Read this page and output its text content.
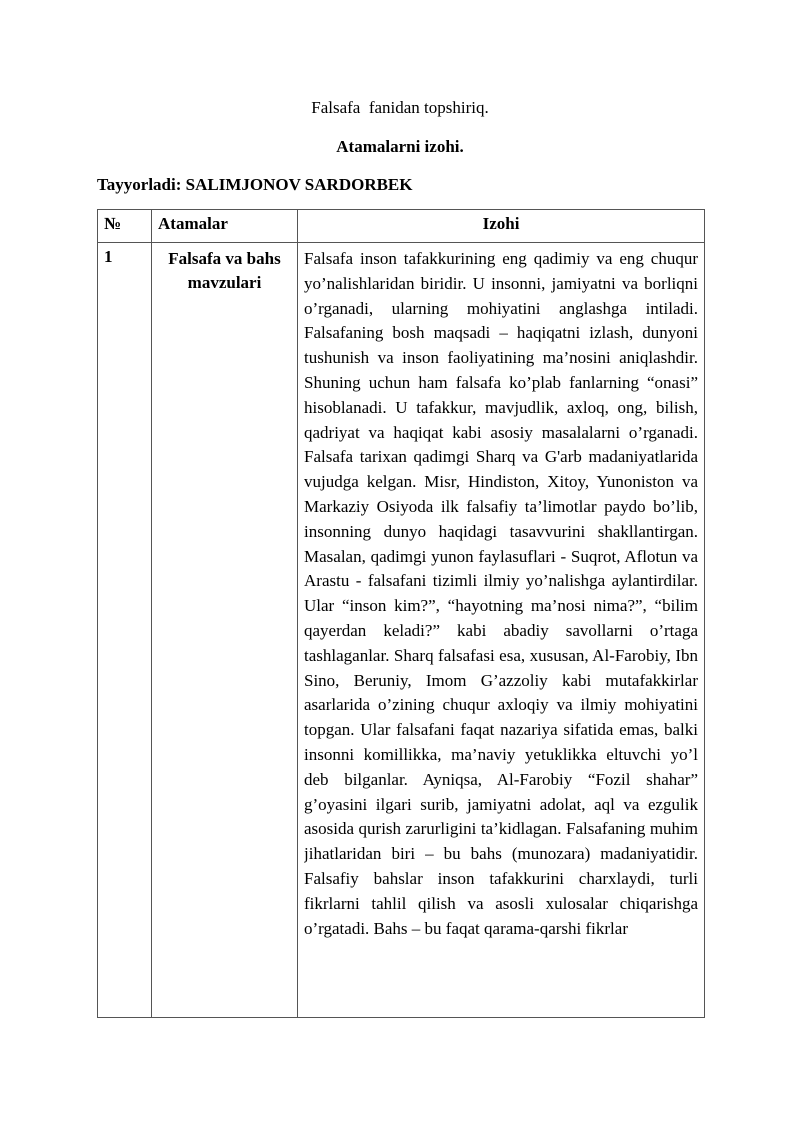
Falsafa  fanidan topshiriq.
Atamalarni izohi.
Tayyorladi: SALIMJONOV SARDORBEK
№	Atamalar	Izohi
1	Falsafa va bahs mavzulari	Falsafa inson tafakkurining eng qadimiy va eng chuqur yo’nalishlaridan biridir. U insonni, jamiyatni va borliqni o’rganadi, ularning mohiyatini anglashga intiladi. Falsafaning bosh maqsadi – haqiqatni izlash, dunyoni tushunish va inson faoliyatining ma’nosini aniqlashdir. Shuning uchun ham falsafa ko’plab fanlarning “onasi” hisoblanadi. U tafakkur, mavjudlik, axloq, ong, bilish, qadriyat va haqiqat kabi asosiy masalalarni o’rganadi. Falsafa tarixan qadimgi Sharq va G'arb madaniyatlarida vujudga kelgan. Misr, Hindiston, Xitoy, Yunoniston va Markaziy Osiyoda ilk falsafiy ta’limotlar paydo bo’lib, insonning dunyo haqidagi tasavvurini shakllantirgan. Masalan, qadimgi yunon faylasuflari - Suqrot, Aflotun va Arastu - falsafani tizimli ilmiy yo’nalishga aylantirdilar. Ular “inson kim?”, “hayotning ma’nosi nima?”, “bilim qayerdan keladi?” kabi abadiy savollarni o’rtaga tashlaganlar. Sharq falsafasi esa, xususan, Al-Farobiy, Ibn Sino, Beruniy, Imom G’azzoliy kabi mutafakkirlar asarlarida o’zining chuqur axloqiy va ilmiy mohiyatini topgan. Ular falsafani faqat nazariya sifatida emas, balki insonni komillikka, ma’naviy yetuklikka eltuvchi yo’l deb bilganlar. Ayniqsa, Al-Farobiy “Fozil shahar” g’oyasini ilgari surib, jamiyatni adolat, aql va ezgulik asosida qurish zarurligini ta’kidlagan. Falsafaning muhim jihatlaridan biri – bu bahs (munozara) madaniyatidir. Falsafiy bahslar inson tafakkurini charxlaydi, turli fikrlarni tahlil qilish va asosli xulosalar chiqarishga o’rgatadi. Bahs – bu faqat qarama-qarshi fikrlar
